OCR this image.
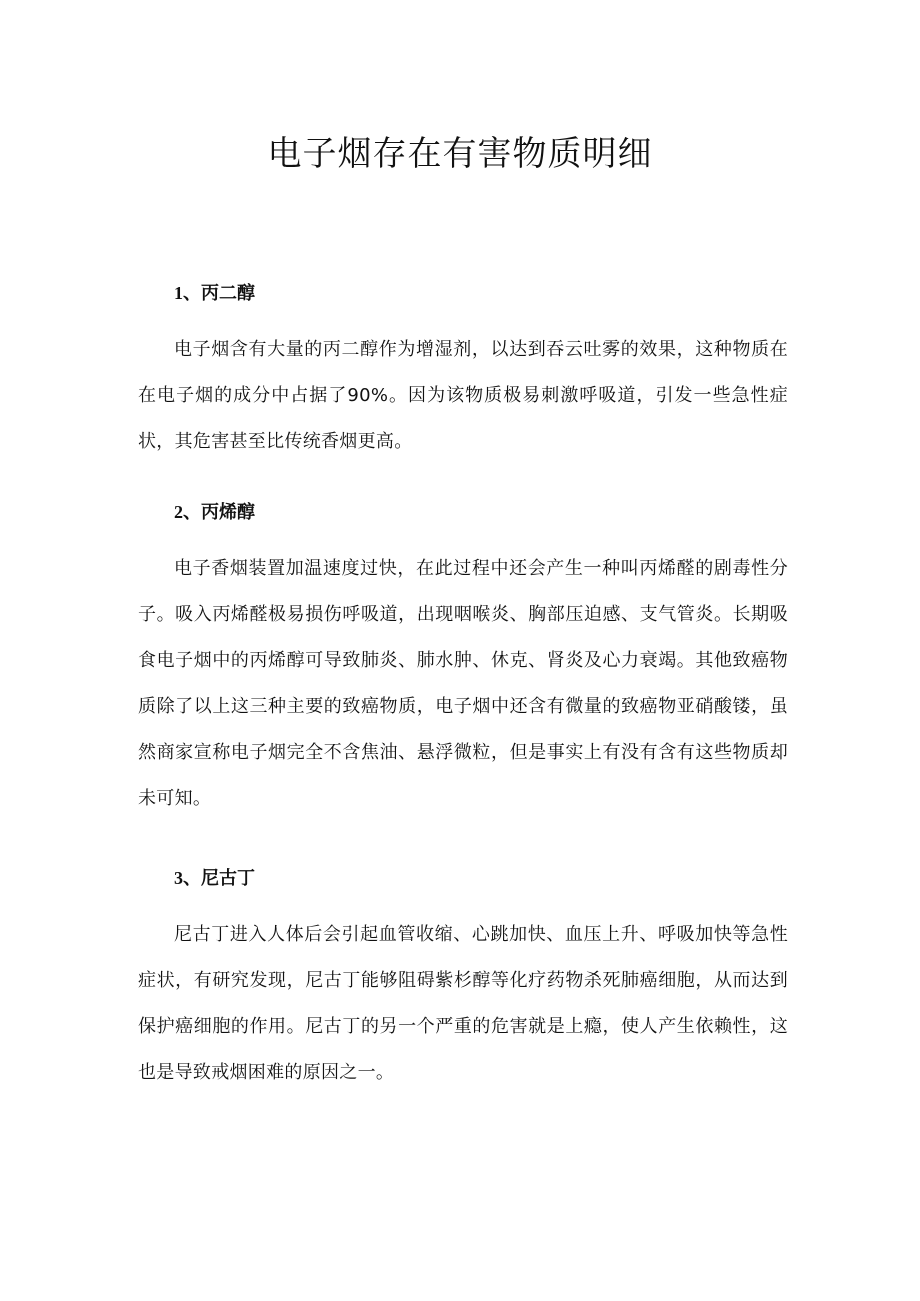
电子烟存在有害物质明细
1、丙二醇

电子烟含有大量的丙二醇作为增湿剂，以达到吞云吐雾的效果，这种物质在在电子烟的成分中占据了90%。因为该物质极易刺激呼吸道，引发一些急性症状，其危害甚至比传统香烟更高。

2、丙烯醇

电子香烟装置加温速度过快，在此过程中还会产生一种叫丙烯醛的剧毒性分子。吸入丙烯醛极易损伤呼吸道，出现咽喉炎、胸部压迫感、支气管炎。长期吸食电子烟中的丙烯醇可导致肺炎、肺水肿、休克、肾炎及心力衰竭。其他致癌物质除了以上这三种主要的致癌物质，电子烟中还含有微量的致癌物亚硝酸镂，虽然商家宣称电子烟完全不含焦油、悬浮微粒，但是事实上有没有含有这些物质却未可知。

3、尼古丁

尼古丁进入人体后会引起血管收缩、心跳加快、血压上升、呼吸加快等急性症状，有研究发现，尼古丁能够阻碍紫杉醇等化疗药物杀死肺癌细胞，从而达到保护癌细胞的作用。尼古丁的另一个严重的危害就是上瘾，使人产生依赖性，这也是导致戒烟困难的原因之一。
